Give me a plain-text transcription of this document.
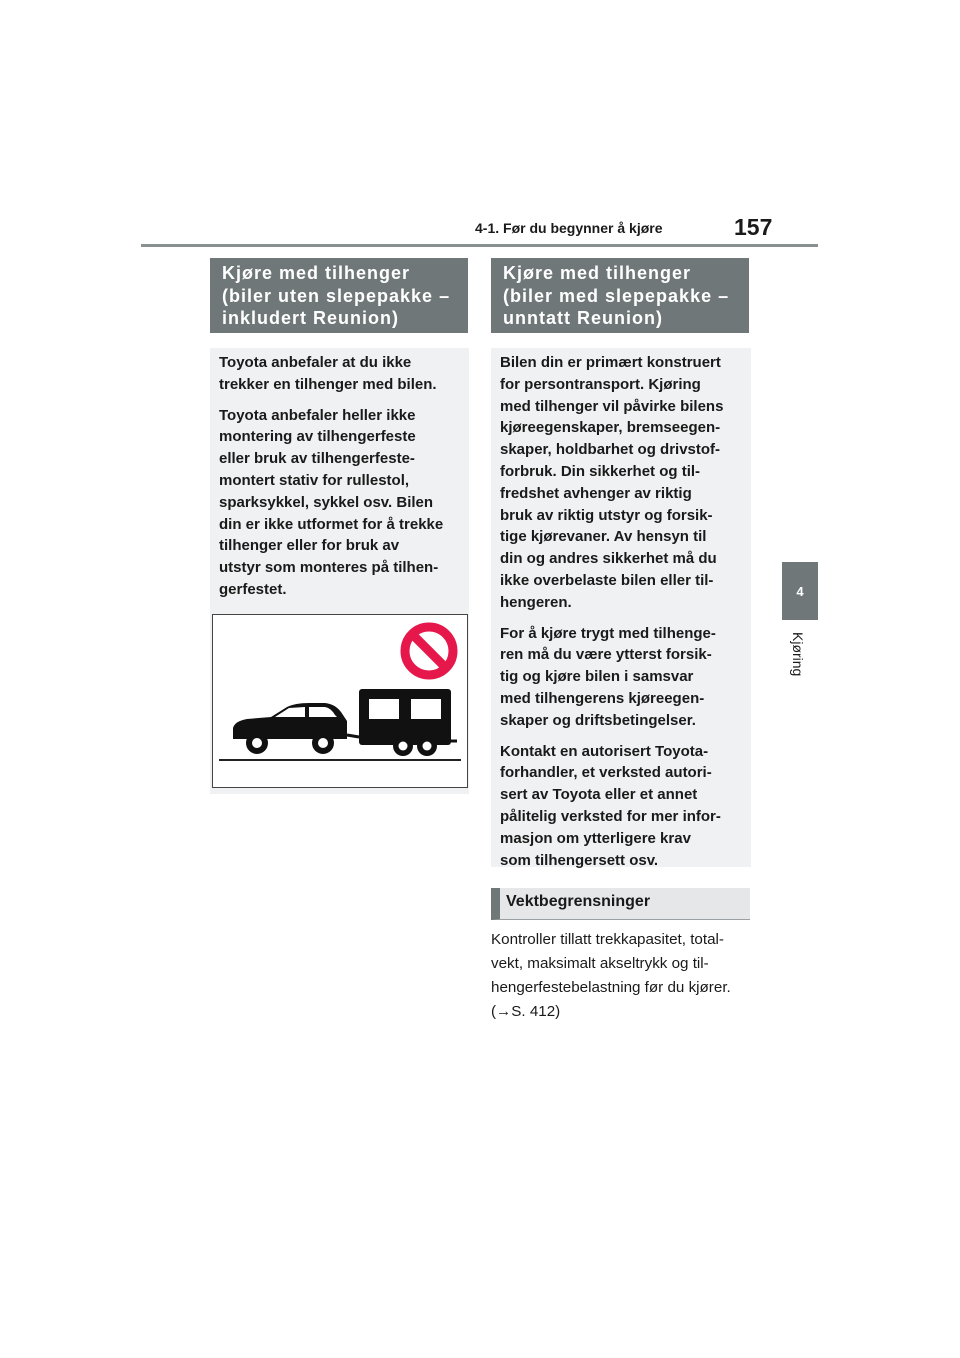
4-1. Før du begynner å kjøre	157
4
Kjøring
Kjøre med tilhenger
(biler uten slepepakke –
inkludert Reunion)

Toyota anbefaler at du ikke
trekker en tilhenger med bilen.

Toyota anbefaler heller ikke
montering av tilhengerfeste
eller bruk av tilhengerfeste-
montert stativ for rullestol,
sparksykkel, sykkel osv. Bilen
din er ikke utformet for å trekke
tilhenger eller for bruk av
utstyr som monteres på tilhen-
gerfestet.

Kjøre med tilhenger
(biler med slepepakke –
unntatt Reunion)

Bilen din er primært konstruert
for persontransport. Kjøring
med tilhenger vil påvirke bilens
kjøreegenskaper, bremseegen-
skaper, holdbarhet og drivstof-
forbruk. Din sikkerhet og til-
fredshet avhenger av riktig
bruk av riktig utstyr og forsik-
tige kjørevaner. Av hensyn til
din og andres sikkerhet må du
ikke overbelaste bilen eller til-
hengeren.

For å kjøre trygt med tilhenge-
ren må du være ytterst forsik-
tig og kjøre bilen i samsvar
med tilhengerens kjøreegen-
skaper og driftsbetingelser.

Kontakt en autorisert Toyota-
forhandler, et verksted autori-
sert av Toyota eller et annet
pålitelig verksted for mer infor-
masjon om ytterligere krav
som tilhengersett osv.

Vektbegrensninger

Kontroller tillatt trekkapasitet, total-
vekt, maksimalt akseltrykk og til-
hengerfestebelastning før du kjører.
(→S. 412)
